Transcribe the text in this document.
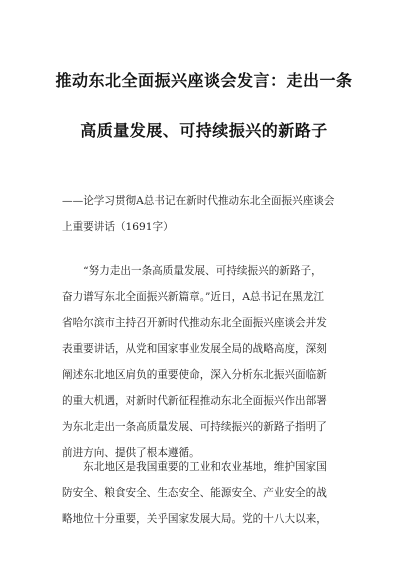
推动东北全面振兴座谈会发言：走出一条
高质量发展、可持续振兴的新路子
——论学习贯彻A总书记在新时代推动东北全面振兴座谈会
上重要讲话（1691字）
　　“努力走出一条高质量发展、可持续振兴的新路子，
奋力谱写东北全面振兴新篇章。”近日，A总书记在黑龙江
省哈尔滨市主持召开新时代推动东北全面振兴座谈会并发
表重要讲话，从党和国家事业发展全局的战略高度，深刻
阐述东北地区肩负的重要使命，深入分析东北振兴面临新
的重大机遇，对新时代新征程推动东北全面振兴作出部署
为东北走出一条高质量发展、可持续振兴的新路子指明了
前进方向、提供了根本遵循。
　　东北地区是我国重要的工业和农业基地，维护国家国
防安全、粮食安全、生态安全、能源安全、产业安全的战
略地位十分重要，关乎国家发展大局。党的十八大以来，
